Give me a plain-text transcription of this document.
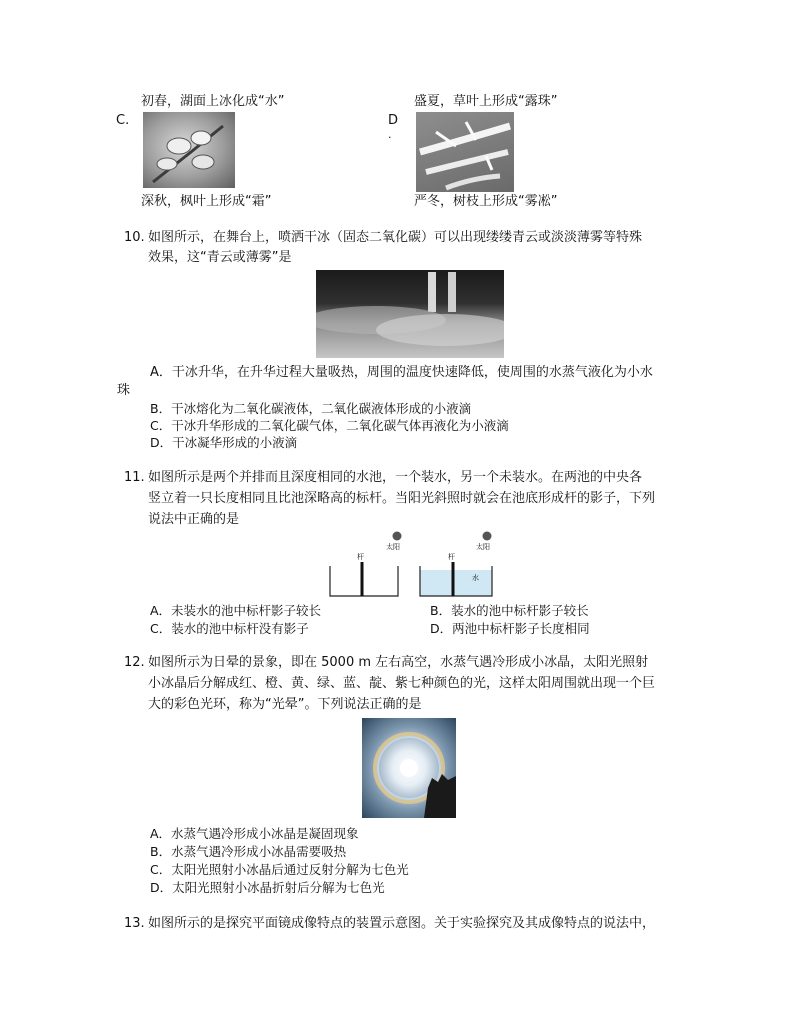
初春，湖面上冰化成“水”
C.
深秋，枫叶上形成“霜”
盛夏，草叶上形成“露珠”
D
.
严冬，树枝上形成“雾凇”
10. 如图所示，在舞台上，喷洒干冰（固态二氧化碳）可以出现缕缕青云或淡淡薄雾等特殊
效果，这“青云或薄雾”是
A．干冰升华，在升华过程大量吸热，周围的温度快速降低，使周围的水蒸气液化为小水
珠
B．干冰熔化为二氧化碳液体，二氧化碳液体形成的小液滴
C．干冰升华形成的二氧化碳气体，二氧化碳气体再液化为小液滴
D．干冰凝华形成的小液滴
11. 如图所示是两个并排而且深度相同的水池，一个装水，另一个未装水。在两池的中央各
竖立着一只长度相同且比池深略高的标杆。当阳光斜照时就会在池底形成杆的影子，下列
说法中正确的是
太阳	太阳
杆	杆
水
A．未装水的池中标杆影子较长	B．装水的池中标杆影子较长
C．装水的池中标杆没有影子	D．两池中标杆影子长度相同
12. 如图所示为日晕的景象，即在 5000 m 左右高空，水蒸气遇冷形成小冰晶，太阳光照射
小冰晶后分解成红、橙、黄、绿、蓝、靛、紫七种颜色的光，这样太阳周围就出现一个巨
大的彩色光环，称为“光晕”。下列说法正确的是
A．水蒸气遇冷形成小冰晶是凝固现象
B．水蒸气遇冷形成小冰晶需要吸热
C．太阳光照射小冰晶后通过反射分解为七色光
D．太阳光照射小冰晶折射后分解为七色光
13. 如图所示的是探究平面镜成像特点的装置示意图。关于实验探究及其成像特点的说法中，
